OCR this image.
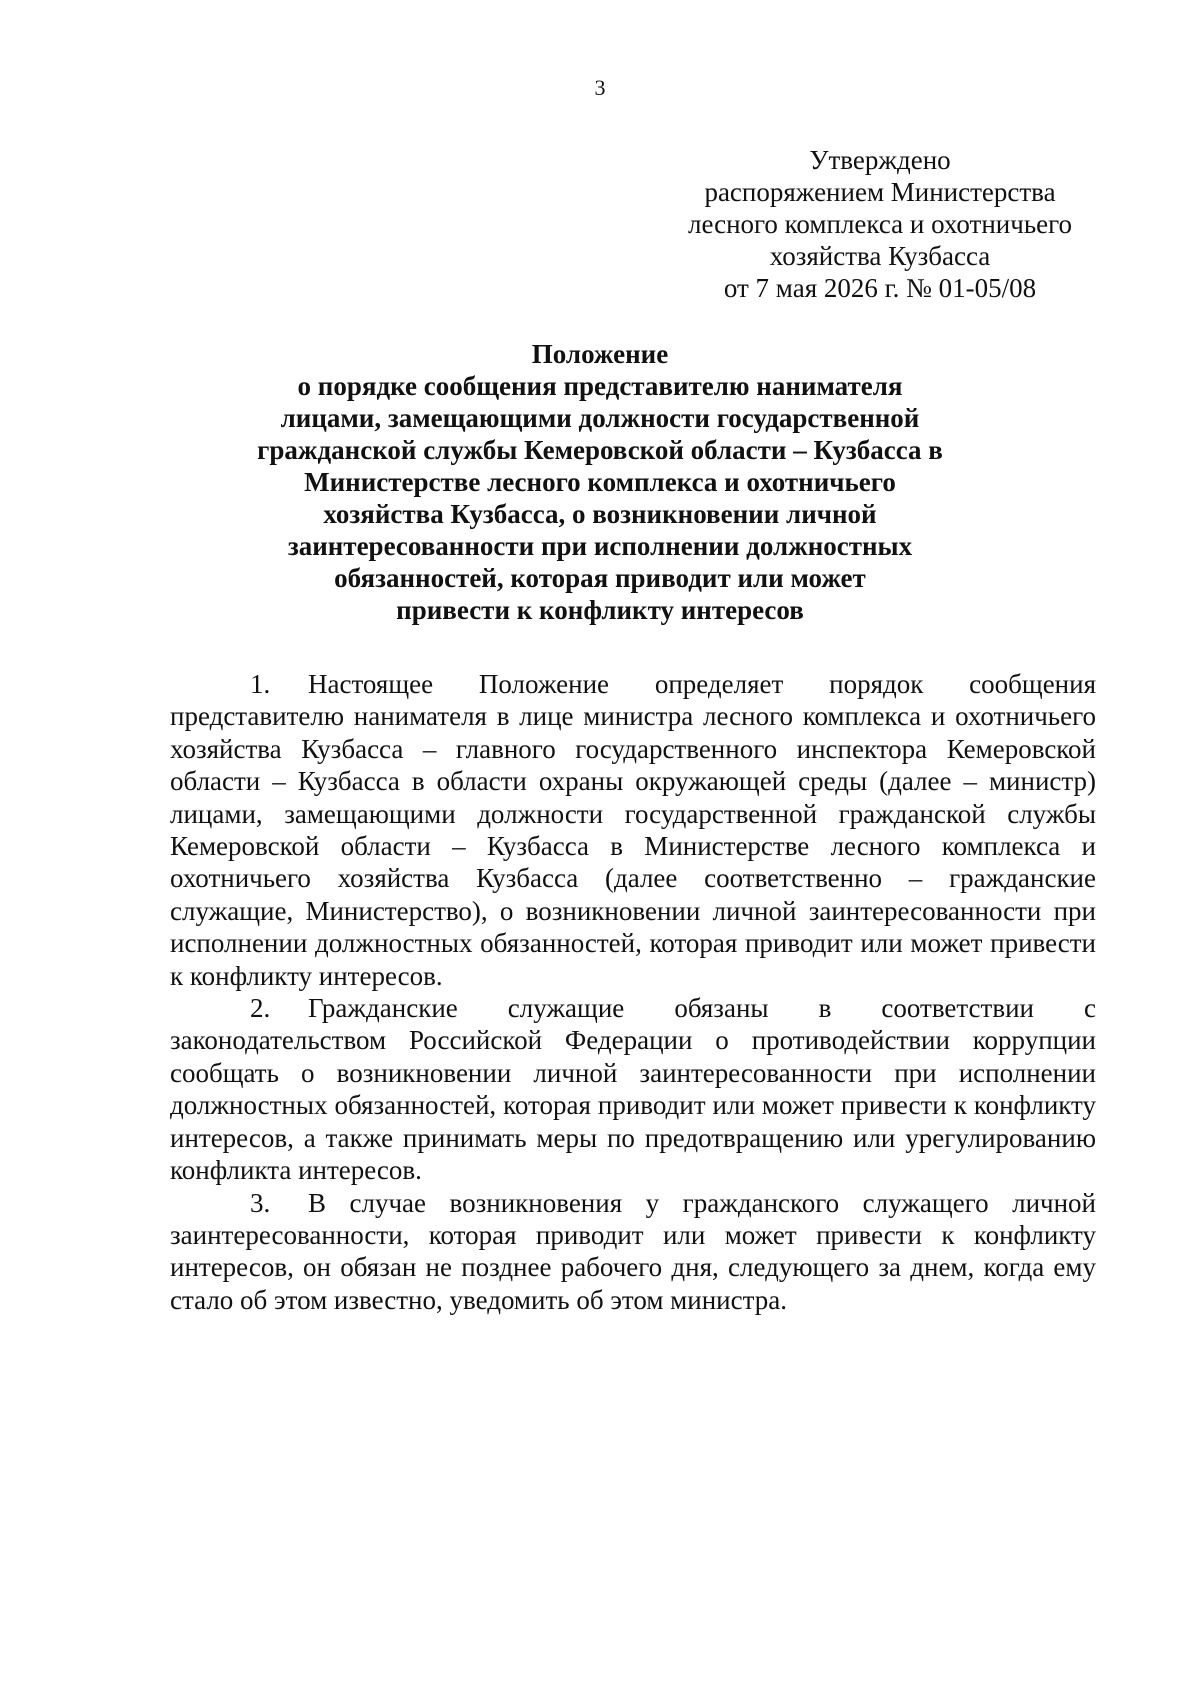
3
Утверждено
распоряжением Министерства
лесного комплекса и охотничьего
хозяйства Кузбасса
от 7 мая 2026 г. № 01-05/08
Положение
о порядке сообщения представителю нанимателя
лицами, замещающими должности государственной
гражданской службы Кемеровской области – Кузбасса в
Министерстве лесного комплекса и охотничьего
хозяйства Кузбасса, о возникновении личной
заинтересованности при исполнении должностных
обязанностей, которая приводит или может
привести к конфликту интересов

1. Настоящее Положение определяет порядок сообщения представителю нанимателя в лице министра лесного комплекса и охотничьего хозяйства Кузбасса – главного государственного инспектора Кемеровской области – Кузбасса в области охраны окружающей среды (далее – министр) лицами, замещающими должности государственной гражданской службы Кемеровской области – Кузбасса в Министерстве лесного комплекса и охотничьего хозяйства Кузбасса (далее соответственно – гражданские служащие, Министерство), о возникновении личной заинтересованности при исполнении должностных обязанностей, которая приводит или может привести к конфликту интересов.

2. Гражданские служащие обязаны в соответствии с законодательством Российской Федерации о противодействии коррупции сообщать о возникновении личной заинтересованности при исполнении должностных обязанностей, которая приводит или может привести к конфликту интересов, а также принимать меры по предотвращению или урегулированию конфликта интересов.

3. В случае возникновения у гражданского служащего личной заинтересованности, которая приводит или может привести к конфликту интересов, он обязан не позднее рабочего дня, следующего за днем, когда ему стало об этом известно, уведомить об этом министра.
